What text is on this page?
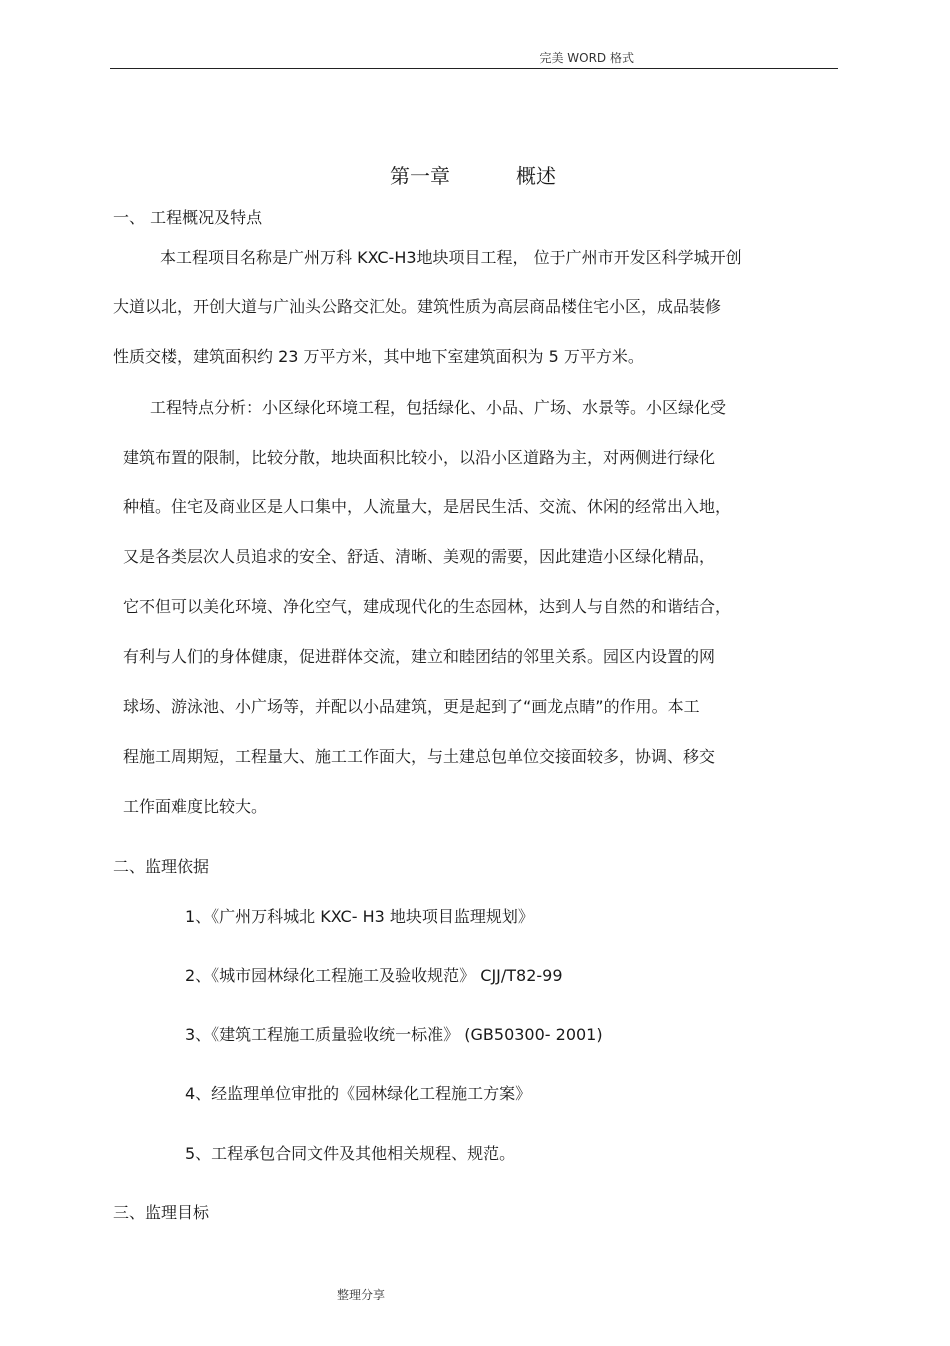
完美 WORD 格式
第一章	概述
一、 工程概况及特点
本工程项目名称是广州万科 KXC-H3地块项目工程， 位于广州市开发区科学城开创
大道以北，开创大道与广汕头公路交汇处。建筑性质为高层商品楼住宅小区，成品装修
性质交楼，建筑面积约 23 万平方米，其中地下室建筑面积为 5 万平方米。
工程特点分析：小区绿化环境工程，包括绿化、小品、广场、水景等。小区绿化受
建筑布置的限制，比较分散，地块面积比较小，以沿小区道路为主，对两侧进行绿化
种植。住宅及商业区是人口集中，人流量大，是居民生活、交流、休闲的经常出入地，
又是各类层次人员追求的安全、舒适、清晰、美观的需要，因此建造小区绿化精品，
它不但可以美化环境、净化空气，建成现代化的生态园林，达到人与自然的和谐结合，
有利与人们的身体健康，促进群体交流，建立和睦团结的邻里关系。园区内设置的网
球场、游泳池、小广场等，并配以小品建筑，更是起到了“画龙点睛”的作用。本工
程施工周期短，工程量大、施工工作面大，与土建总包单位交接面较多，协调、移交
工作面难度比较大。
二、监理依据
1、《广州万科城北 KXC- H3 地块项目监理规划》
2、《城市园林绿化工程施工及验收规范》 CJJ/T82-99
3、《建筑工程施工质量验收统一标准》 (GB50300- 2001)
4、经监理单位审批的《园林绿化工程施工方案》
5、工程承包合同文件及其他相关规程、规范。
三、监理目标
整理分享
